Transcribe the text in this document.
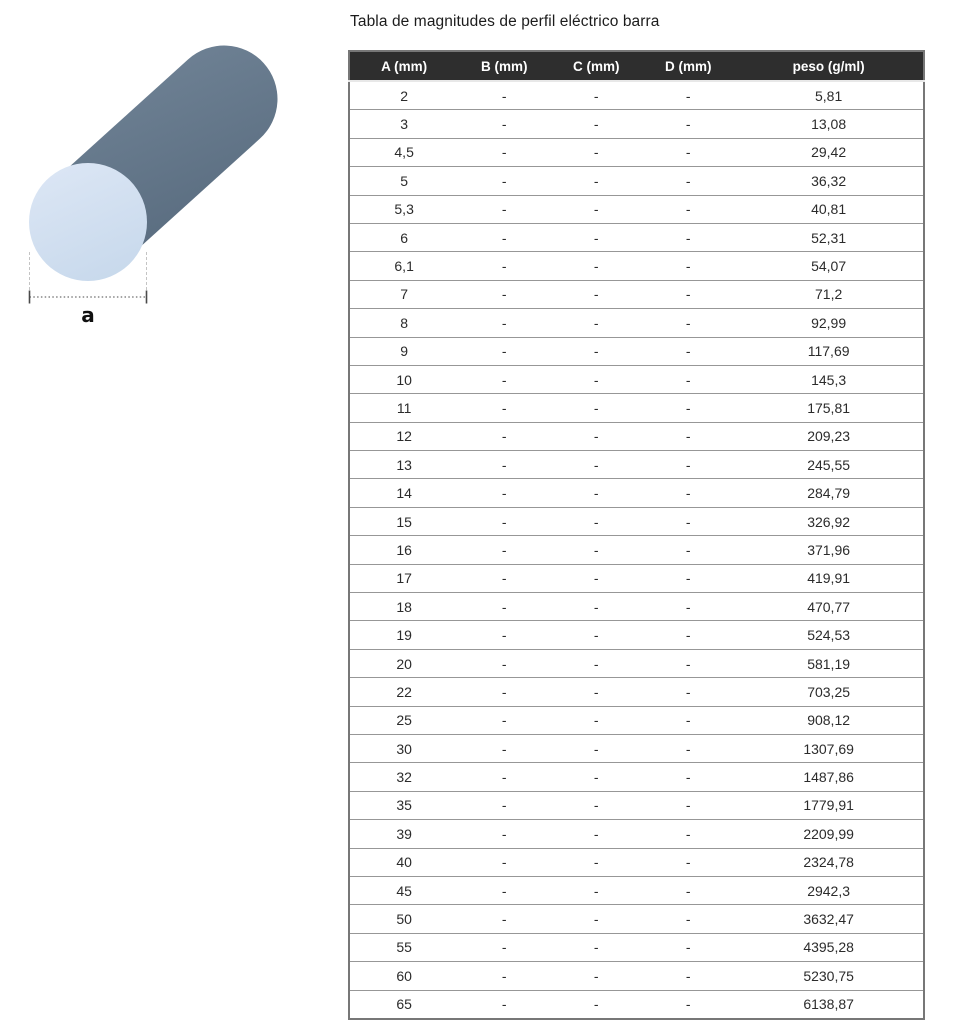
a
Tabla de magnitudes de perfil eléctrico barra
A (mm)	B (mm)	C (mm)	D (mm)	peso (g/ml)
2	-	-	-	5,81
3	-	-	-	13,08
4,5	-	-	-	29,42
5	-	-	-	36,32
5,3	-	-	-	40,81
6	-	-	-	52,31
6,1	-	-	-	54,07
7	-	-	-	71,2
8	-	-	-	92,99
9	-	-	-	117,69
10	-	-	-	145,3
11	-	-	-	175,81
12	-	-	-	209,23
13	-	-	-	245,55
14	-	-	-	284,79
15	-	-	-	326,92
16	-	-	-	371,96
17	-	-	-	419,91
18	-	-	-	470,77
19	-	-	-	524,53
20	-	-	-	581,19
22	-	-	-	703,25
25	-	-	-	908,12
30	-	-	-	1307,69
32	-	-	-	1487,86
35	-	-	-	1779,91
39	-	-	-	2209,99
40	-	-	-	2324,78
45	-	-	-	2942,3
50	-	-	-	3632,47
55	-	-	-	4395,28
60	-	-	-	5230,75
65	-	-	-	6138,87
